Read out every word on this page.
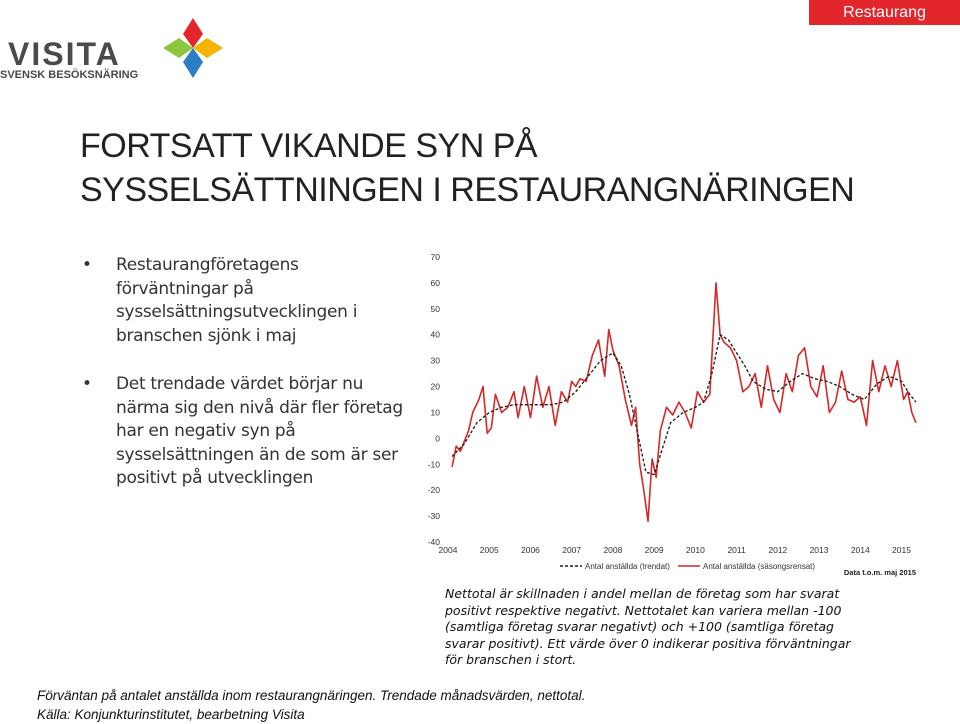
Restaurang
VISITA
SVENSK BESÖKSNÄRING
FORTSATT VIKANDE SYN PÅ
SYSSELSÄTTNINGEN I RESTAURANGNÄRINGEN
• Restaurangföretagens förväntningar på sysselsättningsutvecklingen i branschen sjönk i maj
• Det trendade värdet börjar nu närma sig den nivå där fler företag har en negativ syn på sysselsättningen än de som är ser positivt på utvecklingen
70
60
50
40
30
20
10
0
-10
-20
-30
-40
2004	2005	2006	2007	2008	2009	2010	2011	2012	2013	2014	2015
Antal anställda (trendat)	Antal anställda (säsongsrensat)
Data t.o.m. maj 2015
Nettotal är skillnaden i andel mellan de företag som har svarat positivt respektive negativt. Nettotalet kan variera mellan -100 (samtliga företag svarar negativt) och +100 (samtliga företag svarar positivt). Ett värde över 0 indikerar positiva förväntningar för branschen i stort.
Förväntan på antalet anställda inom restaurangnäringen. Trendade månadsvärden, nettotal.
Källa: Konjunkturinstitutet, bearbetning Visita
